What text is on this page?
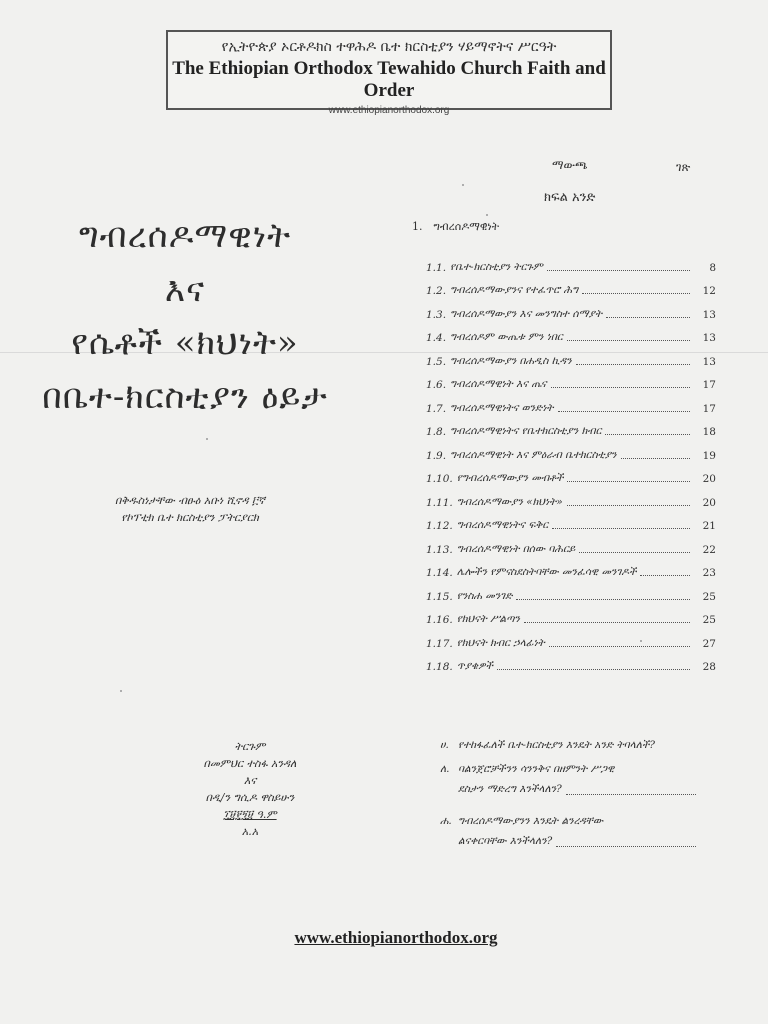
የኢትዮጵያ ኦርቶዶክስ ተዋሕዶ ቤተ ክርስቲያን ሃይማኖትና ሥርዓት
The Ethiopian Orthodox Tewahido Church Faith and Order
www.ethiopianorthodox.org
ግብረሰዶማዊነት
እና
የሴቶች «ክህነት»
በቤተ-ክርስቲያን ዕይታ
በቅዱስነታቸው ብፁዕ አቡነ ሺኖዳ ፫ኛ
የኮፕቲክ ቤተ ክርስቲያን ፓትርያርክ
ትርጉም
በመምህር ተስፋ አንዳለ
እና
በዲ/ን ግሲዶ ዋስይሁን
፲፱፻፺፱ ዓ.ም
አ.አ
www.ethiopianorthodox.org
ማውጫ	ገጽ
ክፍል አንድ
1. ግብረሰዶማዊነት
1.1. የቤተ-ክርስቲያን ትርጉም	8
1.2. ግብረሰዶማውያንና የተፈጥሮ ሕግ	12
1.3. ግብረሰዶማውያን እና መንግስተ ሰማያት	13
1.4. ግብረሰዶም ውጤቱ ምን ነበር	13
1.5. ግብረሰዶማውያን በሐዲስ ኪዳን	13
1.6. ግብረሰዶማዊነት እና ጤና	17
1.7. ግብረሰዶማዊነትና ወንድነት	17
1.8. ግብረሰዶማዊነትና የቤተክርስቲያን ክብር	18
1.9. ግብረሰዶማዊነት እና ምዕራብ ቤተክርስቲያን	19
1.10. የግብረሰዶማውያን መብቶች	20
1.11. ግብረሰዶማውያን «ክህነት»	20
1.12. ግብረሰዶማዊነትና ፍቅር	21
1.13. ግብረሰዶማዊነት በሰው ባሕርይ	22
1.14. ሌሎችን የምናስደስትባቸው መንፈሳዊ መንገዶች	23
1.15. የንስሐ መንገድ	25
1.16. የክህናት ሥልጣን	25
1.17. የክህናት ክብር ኃላፊነት	27
1.18. ጥያቄዎች	28
ሀ. የተከፋፈለች ቤተ-ክርስቲያን እንዴት አንድ ትባላለች?
ለ. ባልንጀሮቻችንን ሳንንቅና በዘምንት ሥጋዊ
ደስታን ማድረግ እንችላለን?
ሐ. ግብረሰዶማውያንን እንዴት ልንረዳቸው
ልናቀርባቸው እንችላለን?
